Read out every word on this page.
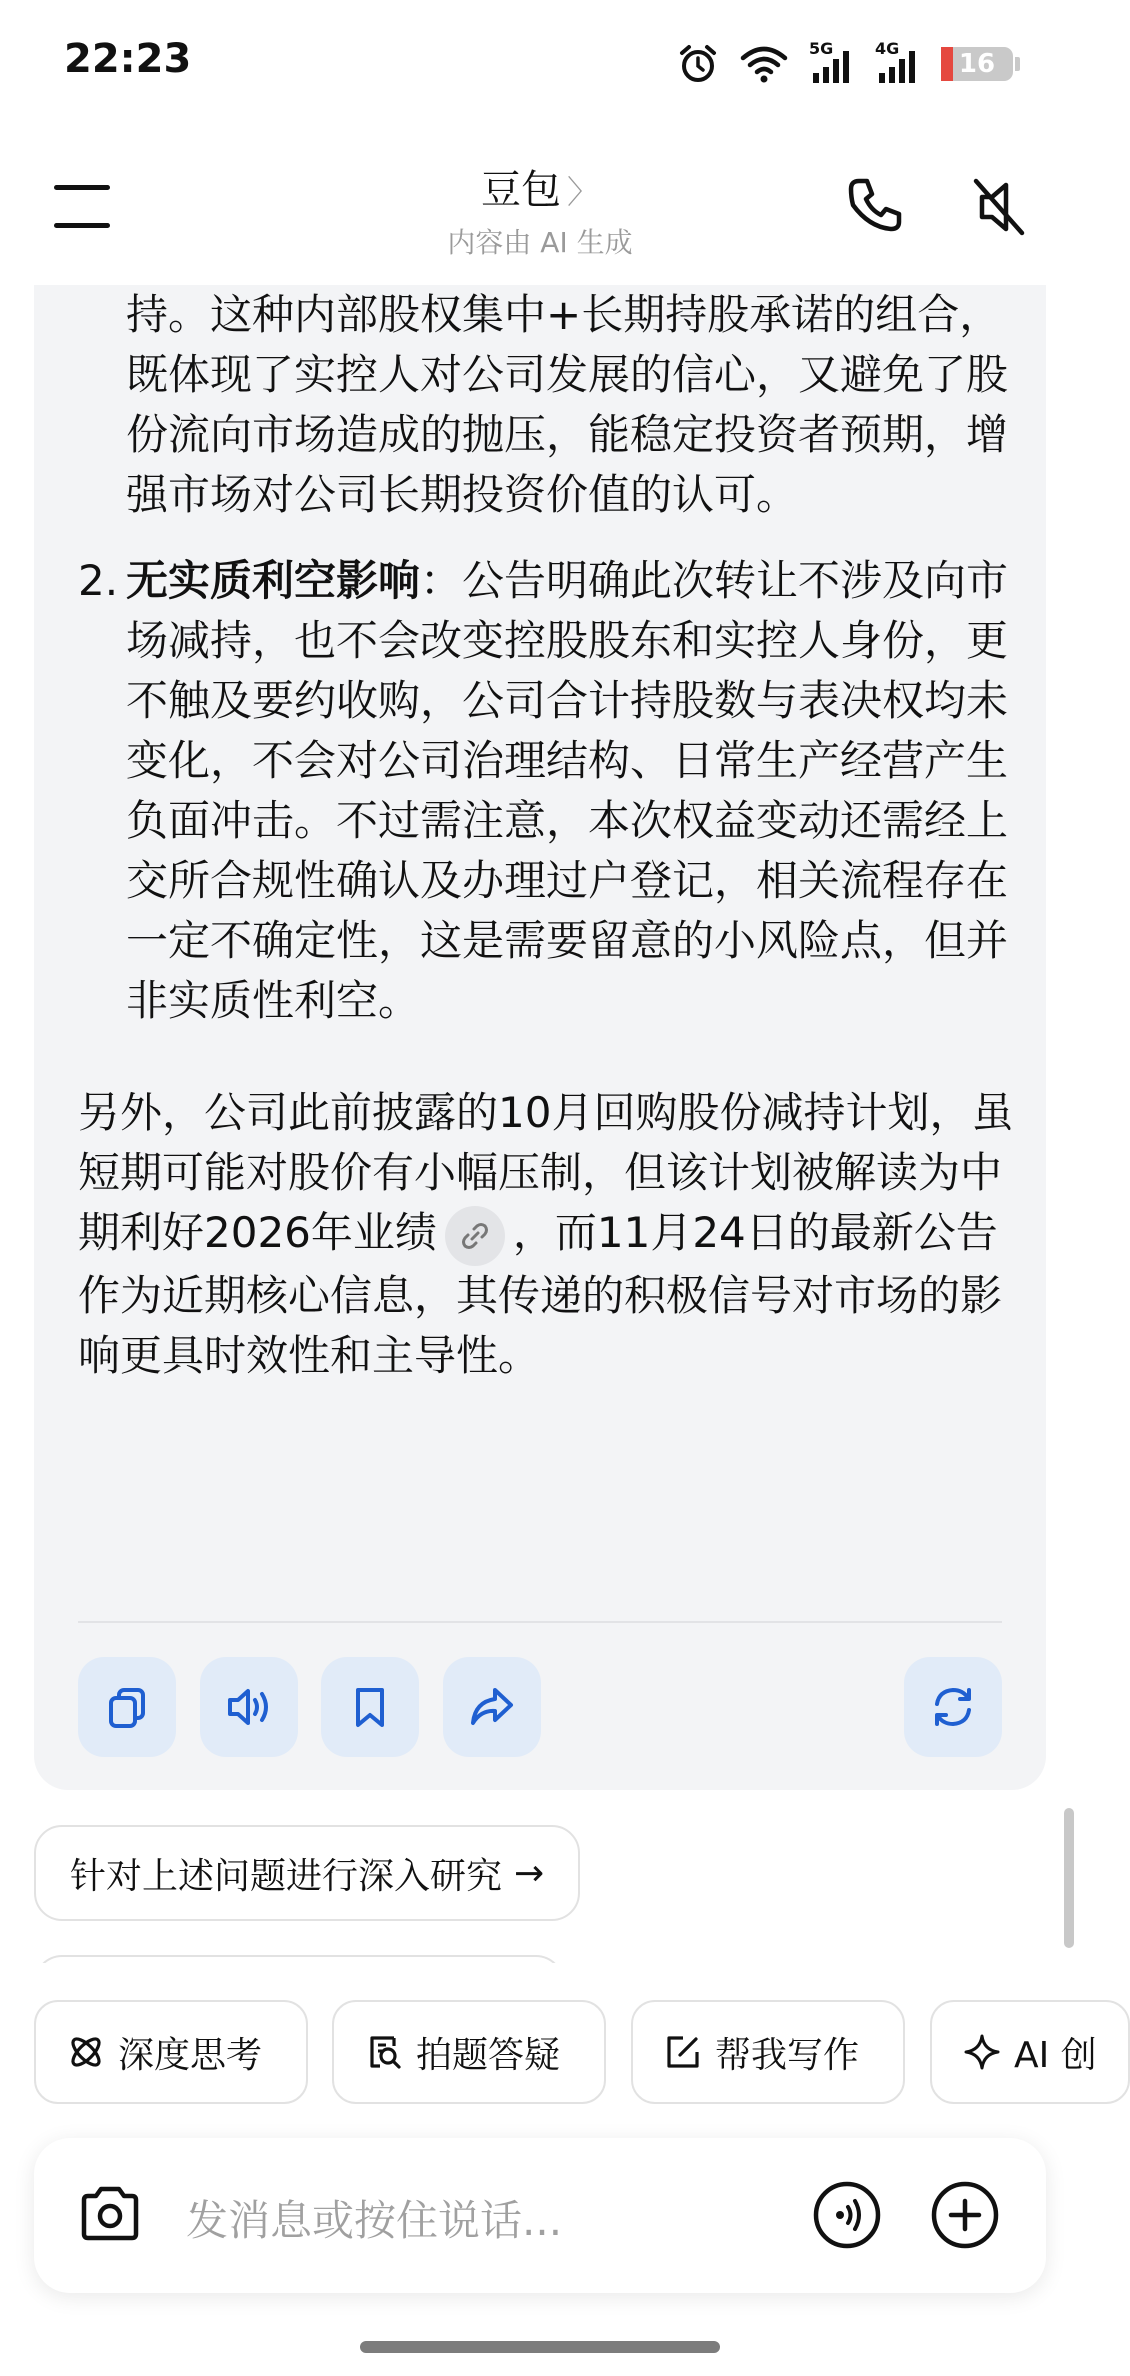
22:23	5G	4G
16
豆包 〉
内容由 AI 生成
持。这种内部股权集中+长期持股承诺的组合，既体现了实控人对公司发展的信心，又避免了股份流向市场造成的抛压，能稳定投资者预期，增强市场对公司长期投资价值的认可。
2. 无实质利空影响：公告明确此次转让不涉及向市场减持，也不会改变控股股东和实控人身份，更不触及要约收购，公司合计持股数与表决权均未变化，不会对公司治理结构、日常生产经营产生负面冲击。不过需注意，本次权益变动还需经上交所合规性确认及办理过户登记，相关流程存在一定不确定性，这是需要留意的小风险点，但并非实质性利空。
另外，公司此前披露的10月回购股份减持计划，虽短期可能对股价有小幅压制，但该计划被解读为中期利好2026年业绩 ，而11月24日的最新公告作为近期核心信息，其传递的积极信号对市场的影响更具时效性和主导性。
针对上述问题进行深入研究 →
深度思考	拍题答疑	帮我写作	AI 创
发消息或按住说话...
